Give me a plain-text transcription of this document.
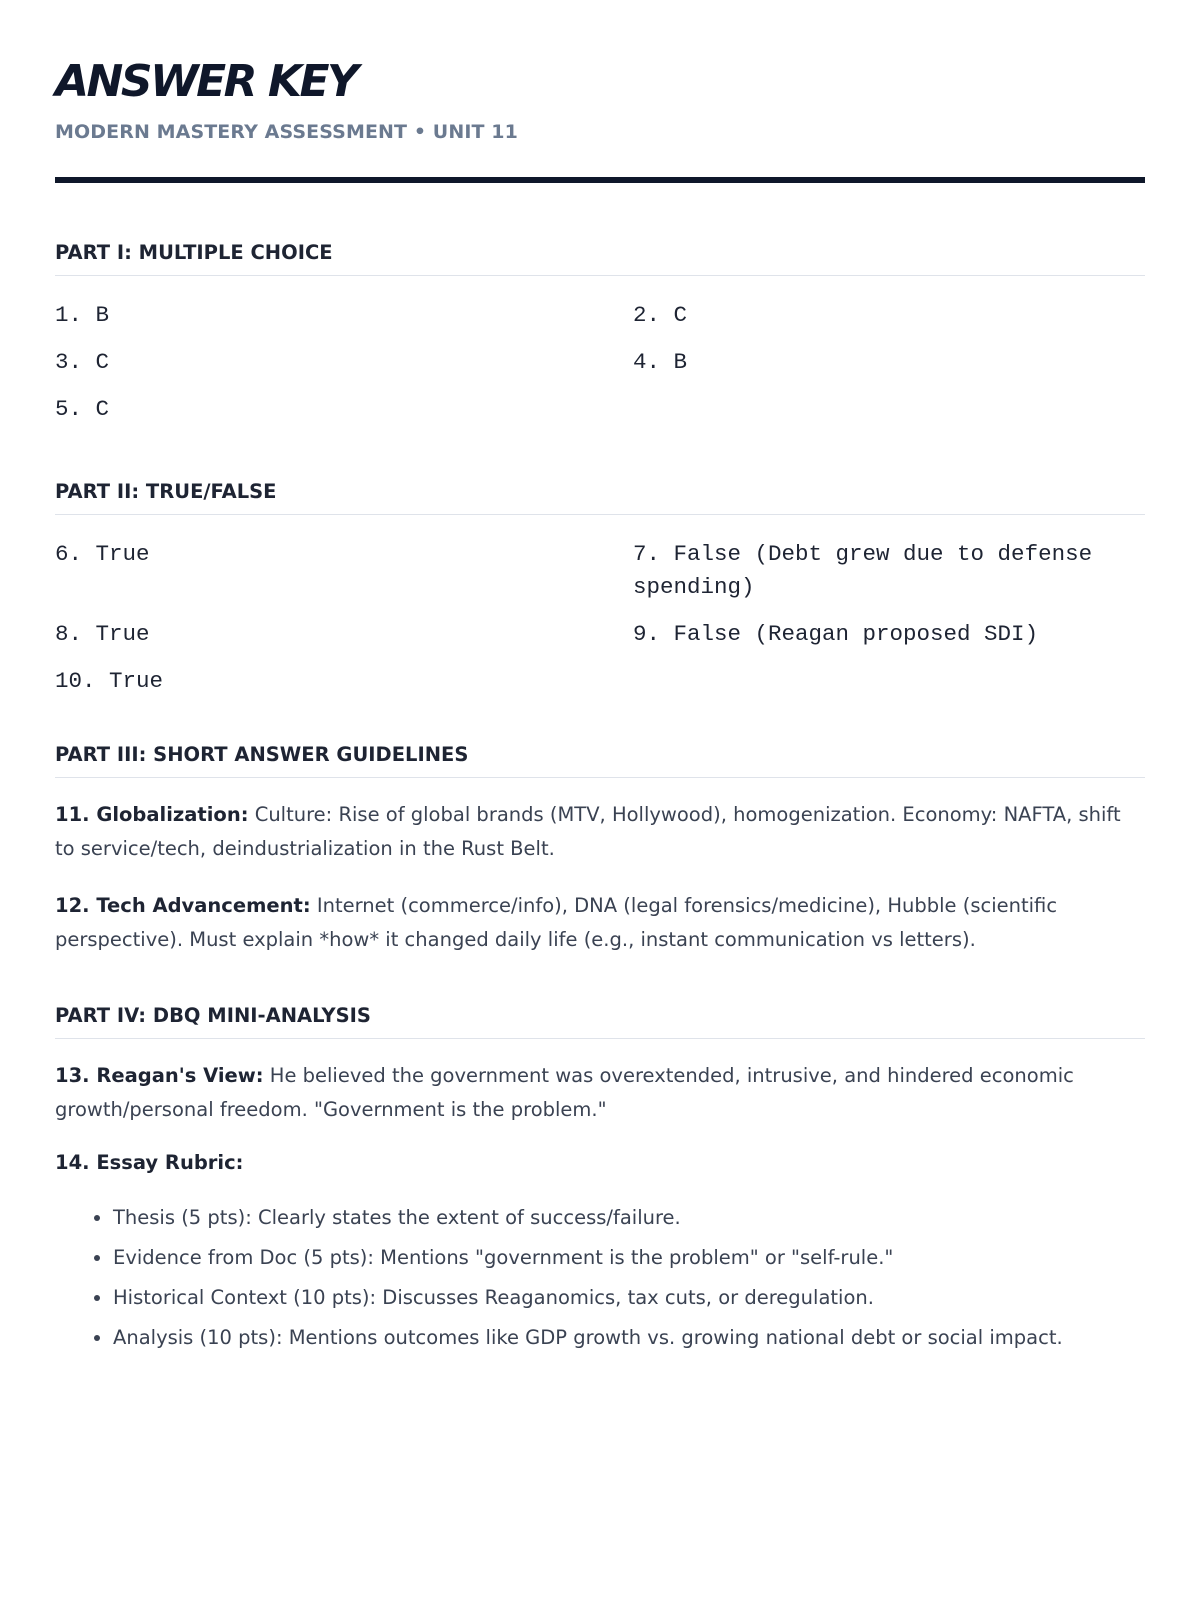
ANSWER KEY
MODERN MASTERY ASSESSMENT • UNIT 11
PART I: MULTIPLE CHOICE
1. B	2. C
3. C	4. B
5. C
PART II: TRUE/FALSE
6. True	7. False (Debt grew due to defense spending)
8. True	9. False (Reagan proposed SDI)
10. True
PART III: SHORT ANSWER GUIDELINES

11. Globalization: Culture: Rise of global brands (MTV, Hollywood), homogenization. Economy: NAFTA, shift to service/tech, deindustrialization in the Rust Belt.

12. Tech Advancement: Internet (commerce/info), DNA (legal forensics/medicine), Hubble (scientific perspective). Must explain *how* it changed daily life (e.g., instant communication vs letters).

PART IV: DBQ MINI-ANALYSIS

13. Reagan's View: He believed the government was overextended, intrusive, and hindered economic growth/personal freedom. "Government is the problem."

14. Essay Rubric:
• Thesis (5 pts): Clearly states the extent of success/failure.
• Evidence from Doc (5 pts): Mentions "government is the problem" or "self-rule."
• Historical Context (10 pts): Discusses Reaganomics, tax cuts, or deregulation.
• Analysis (10 pts): Mentions outcomes like GDP growth vs. growing national debt or social impact.
